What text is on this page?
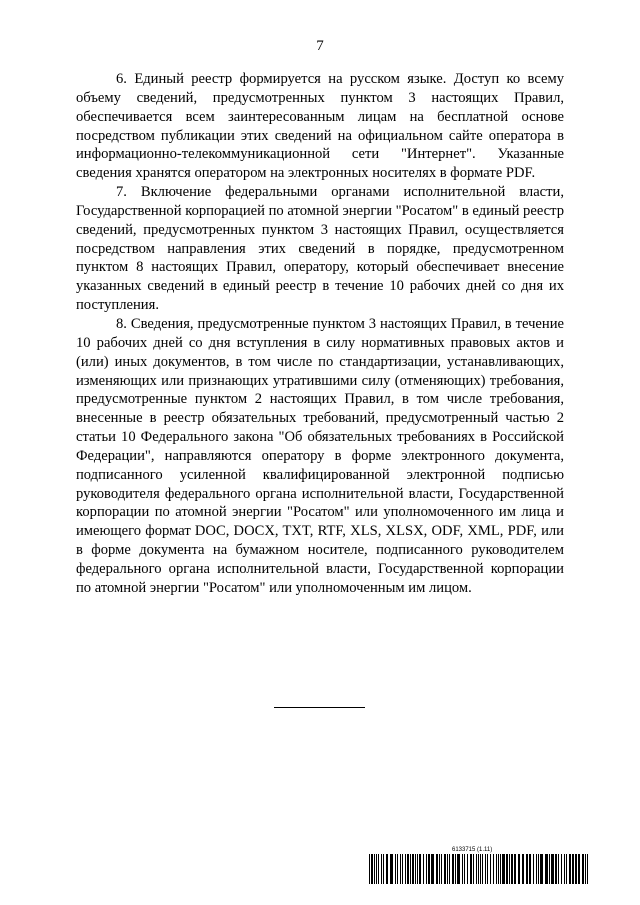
7

6. Единый реестр формируется на русском языке. Доступ ко всему объему сведений, предусмотренных пунктом 3 настоящих Правил, обеспечивается всем заинтересованным лицам на бесплатной основе посредством публикации этих сведений на официальном сайте оператора в информационно-телекоммуникационной сети "Интернет". Указанные сведения хранятся оператором на электронных носителях в формате PDF.

7. Включение федеральными органами исполнительной власти, Государственной корпорацией по атомной энергии "Росатом" в единый реестр сведений, предусмотренных пунктом 3 настоящих Правил, осуществляется посредством направления этих сведений в порядке, предусмотренном пунктом 8 настоящих Правил, оператору, который обеспечивает внесение указанных сведений в единый реестр в течение 10 рабочих дней со дня их поступления.

8. Сведения, предусмотренные пунктом 3 настоящих Правил, в течение 10 рабочих дней со дня вступления в силу нормативных правовых актов и (или) иных документов, в том числе по стандартизации, устанавливающих, изменяющих или признающих утратившими силу (отменяющих) требования, предусмотренные пунктом 2 настоящих Правил, в том числе требования, внесенные в реестр обязательных требований, предусмотренный частью 2 статьи 10 Федерального закона "Об обязательных требованиях в Российской Федерации", направляются оператору в форме электронного документа, подписанного усиленной квалифицированной электронной подписью руководителя федерального органа исполнительной власти, Государственной корпорации по атомной энергии "Росатом" или уполномоченного им лица и имеющего формат DOC, DOCX, TXT, RTF, XLS, XLSX, ODF, XML, PDF, или в форме документа на бумажном носителе, подписанного руководителем федерального органа исполнительной власти, Государственной корпорации по атомной энергии "Росатом" или уполномоченным им лицом.

6133715 (1.11)
